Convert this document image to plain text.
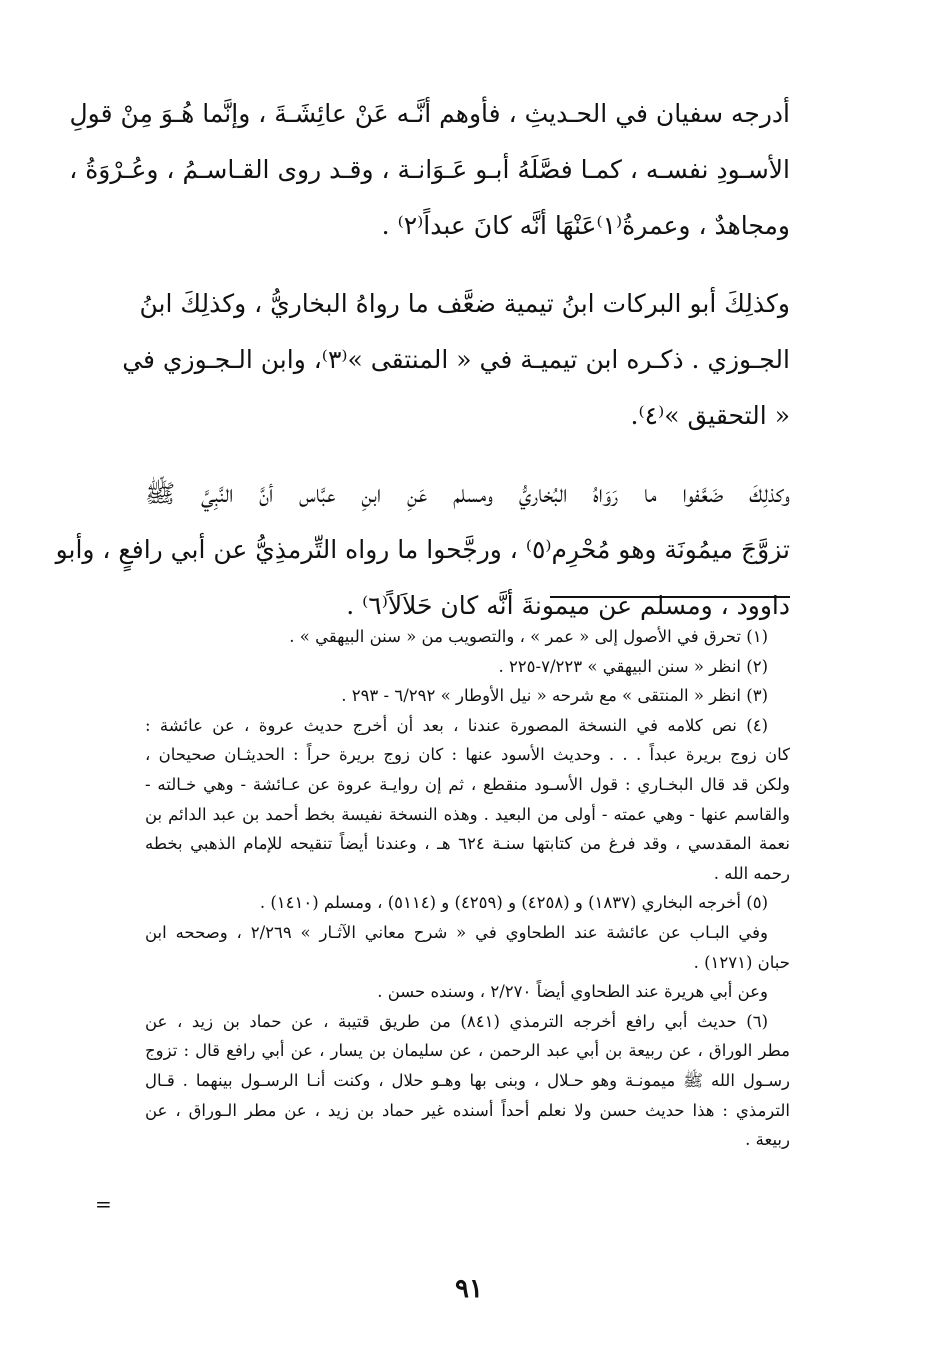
أدرجه سفيان في الحـديثِ ، فأوهم أنَّـه عَنْ عائِشَـةَ ، وإنَّما هُـوَ مِنْ قولِ
الأسـودِ نفسـه ، كمـا فصَّلَهُ أبـو عَـوَانـة ، وقـد روى القـاسـمُ ، وعُـرْوَةُ ،
ومجاهدٌ ، وعمرةُ⁽١⁾عَنْهَا أنَّه كانَ عبداً⁽٢⁾ .
وكذلِكَ أبو البركات ابنُ تيمية ضعَّف ما رواهُ البخاريُّ ، وكذلِكَ ابنُ
الجـوزي . ذكـره ابن تيميـة في « المنتقى »⁽٣⁾، وابن الـجـوزي في
« التحقيق »⁽٤⁾.
وكذلِكَ ضَعَّفوا ما رَوَاهُ البُخاريُّ ومسلم عَنِ ابنِ عبَّاس أنَّ النَّبِيَّ ﷺ
تزوَّجَ ميمُونَة وهو مُحْرِم⁽٥⁾ ، ورجَّحوا ما رواه التِّرمذِيُّ عن أبي رافعٍ ، وأبو
داوود ، ومسلم عن ميمونةَ أنَّه كان حَلاَلاً⁽٦⁾ .
(١) تحرق في الأصول إلى « عمر » ، والتصويب من « سنن البيهقي » .
(٢) انظر « سنن البيهقي » ٧/٢٢٣-٢٢٥ .
(٣) انظر « المنتقى » مع شرحه « نيل الأوطار » ٦/٢٩٢ - ٢٩٣ .
(٤) نص كلامه في النسخة المصورة عندنا ، بعد أن أخرج حديث عروة ، عن عائشة :
كان زوج بريرة عبداً . . . وحديث الأسود عنها : كان زوج بريرة حراً : الحديثـان صحيحان ،
ولكن قد قال البخـاري : قول الأسـود منقطع ، ثم إن روايـة عروة عن عـائشة - وهي خـالته -
والقاسم عنها - وهي عمته - أولى من البعيد . وهذه النسخة نفيسة بخط أحمد بن عبد الدائم بن
نعمة المقدسي ، وقد فرغ من كتابتها سنـة ٦٢٤ هـ ، وعندنا أيضاً تنقيحه للإمام الذهبي بخطه
رحمه الله .
(٥) أخرجه البخاري (١٨٣٧) و (٤٢٥٨) و (٤٢٥٩) و (٥١١٤) ، ومسلم (١٤١٠) .
وفي البـاب عن عائشة عند الطحاوي في « شرح معاني الآثـار » ٢/٢٦٩ ، وصححه ابن
حبان (١٢٧١) .
وعن أبي هريرة عند الطحاوي أيضاً ٢/٢٧٠ ، وسنده حسن .
(٦) حديث أبي رافع أخرجه الترمذي (٨٤١) من طريق قتيبة ، عن حماد بن زيد ، عن
مطر الوراق ، عن ربيعة بن أبي عبد الرحمن ، عن سليمان بن يسار ، عن أبي رافع قال : تزوج
رسـول الله ﷺ ميمونـة وهو حـلال ، وبنى بها وهـو حلال ، وكنت أنـا الرسـول بينهما . قـال
الترمذي : هذا حديث حسن ولا نعلم أحداً أسنده غير حماد بن زيد ، عن مطر الـوراق ، عن
ربيعة .
=
٩١
